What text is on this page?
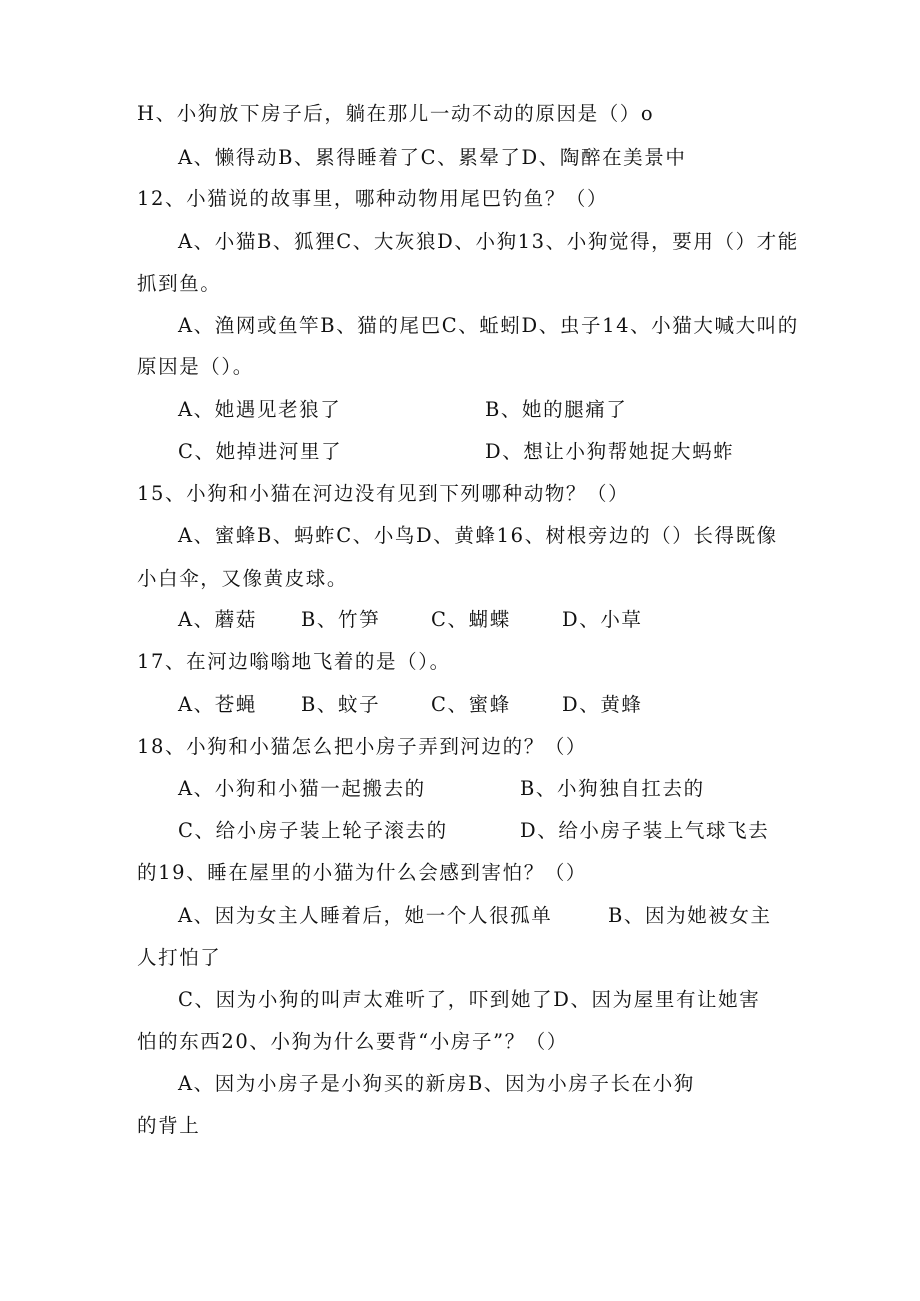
H、小狗放下房子后，躺在那儿一动不动的原因是（）o
A、懒得动B、累得睡着了C、累晕了D、陶醉在美景中
12、小猫说的故事里，哪种动物用尾巴钓鱼？（）
A、小猫B、狐狸C、大灰狼D、小狗13、小狗觉得，要用（）才能
抓到鱼。
A、渔网或鱼竿B、猫的尾巴C、蚯蚓D、虫子14、小猫大喊大叫的
原因是（）。
A、她遇见老狼了	B、她的腿痛了
C、她掉进河里了	D、想让小狗帮她捉大蚂蚱
15、小狗和小猫在河边没有见到下列哪种动物？（）
A、蜜蜂B、蚂蚱C、小鸟D、黄蜂16、树根旁边的（）长得既像
小白伞，又像黄皮球。
A、蘑菇 B、竹笋	C、蝴蝶	D、小草
17、在河边嗡嗡地飞着的是（）。
A、苍蝇 B、蚊子	C、蜜蜂	D、黄蜂
18、小狗和小猫怎么把小房子弄到河边的？（）
A、小狗和小猫一起搬去的	B、小狗独自扛去的
C、给小房子装上轮子滚去的	D、给小房子装上气球飞去
的19、睡在屋里的小猫为什么会感到害怕？（）
A、因为女主人睡着后，她一个人很孤单	B、因为她被女主
人打怕了
C、因为小狗的叫声太难听了，吓到她了D、因为屋里有让她害
怕的东西20、小狗为什么要背“小房子”？（）
A、因为小房子是小狗买的新房B、因为小房子长在小狗
的背上
